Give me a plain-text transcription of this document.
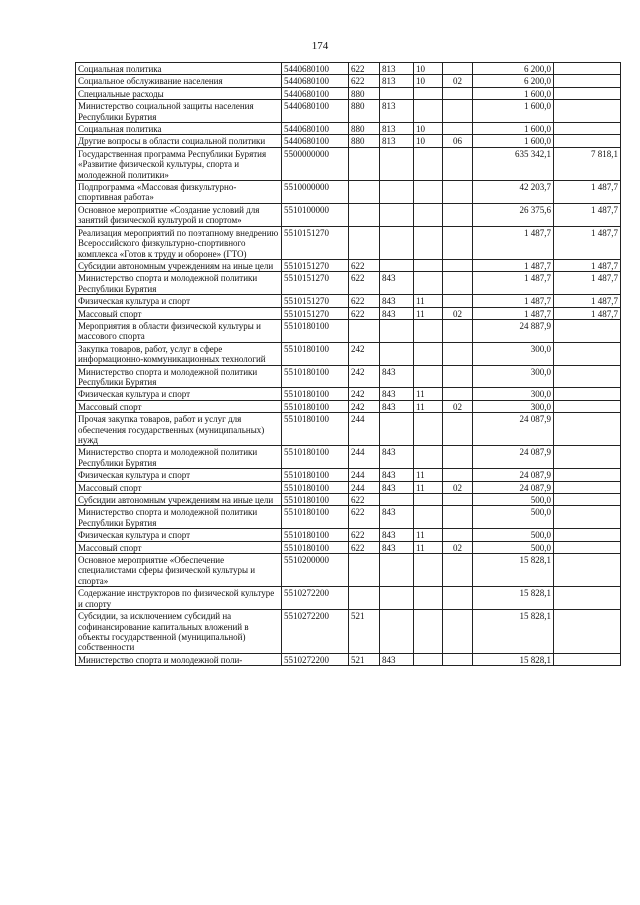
174
Социальная политика	5440680100	622	813	10		6 200,0	
Социальное обслуживание населения	5440680100	622	813	10	02	6 200,0	
Специальные расходы	5440680100	880				1 600,0	
Министерство социальной защиты населения Республики Бурятия	5440680100	880	813			1 600,0	
Социальная политика	5440680100	880	813	10		1 600,0	
Другие вопросы в области социальной политики	5440680100	880	813	10	06	1 600,0	
Государственная программа Республики Бурятия «Развитие физической культуры, спорта и молодежной политики»	5500000000					635 342,1	7 818,1
Подпрограмма «Массовая физкультурно-спортивная работа»	5510000000					42 203,7	1 487,7
Основное мероприятие «Создание условий для занятий физической культурой и спортом»	5510100000					26 375,6	1 487,7
Реализация мероприятий по поэтапному внедрению Всероссийского физкультурно-спортивного комплекса «Готов к труду и обороне» (ГТО)	5510151270					1 487,7	1 487,7
Субсидии автономным учреждениям на иные цели	5510151270	622				1 487,7	1 487,7
Министерство спорта и молодежной политики Республики Бурятия	5510151270	622	843			1 487,7	1 487,7
Физическая культура и спорт	5510151270	622	843	11		1 487,7	1 487,7
Массовый спорт	5510151270	622	843	11	02	1 487,7	1 487,7
Мероприятия в области физической культуры и массового спорта	5510180100					24 887,9	
Закупка товаров, работ, услуг в сфере информационно-коммуникационных технологий	5510180100	242				300,0	
Министерство спорта и молодежной политики Республики Бурятия	5510180100	242	843			300,0	
Физическая культура и спорт	5510180100	242	843	11		300,0	
Массовый спорт	5510180100	242	843	11	02	300,0	
Прочая закупка товаров, работ и услуг для обеспечения государственных (муниципальных) нужд	5510180100	244				24 087,9	
Министерство спорта и молодежной политики Республики Бурятия	5510180100	244	843			24 087,9	
Физическая культура и спорт	5510180100	244	843	11		24 087,9	
Массовый спорт	5510180100	244	843	11	02	24 087,9	
Субсидии автономным учреждениям на иные цели	5510180100	622				500,0	
Министерство спорта и молодежной политики Республики Бурятия	5510180100	622	843			500,0	
Физическая культура и спорт	5510180100	622	843	11		500,0	
Массовый спорт	5510180100	622	843	11	02	500,0	
Основное мероприятие «Обеспечение специалистами сферы физической культуры и спорта»	5510200000					15 828,1	
Содержание инструкторов по физической культуре и спорту	5510272200					15 828,1	
Субсидии, за исключением субсидий на софинансирование капитальных вложений в объекты государственной (муниципальной) собственности	5510272200	521				15 828,1	
Министерство спорта и молодежной поли-	5510272200	521	843			15 828,1	
